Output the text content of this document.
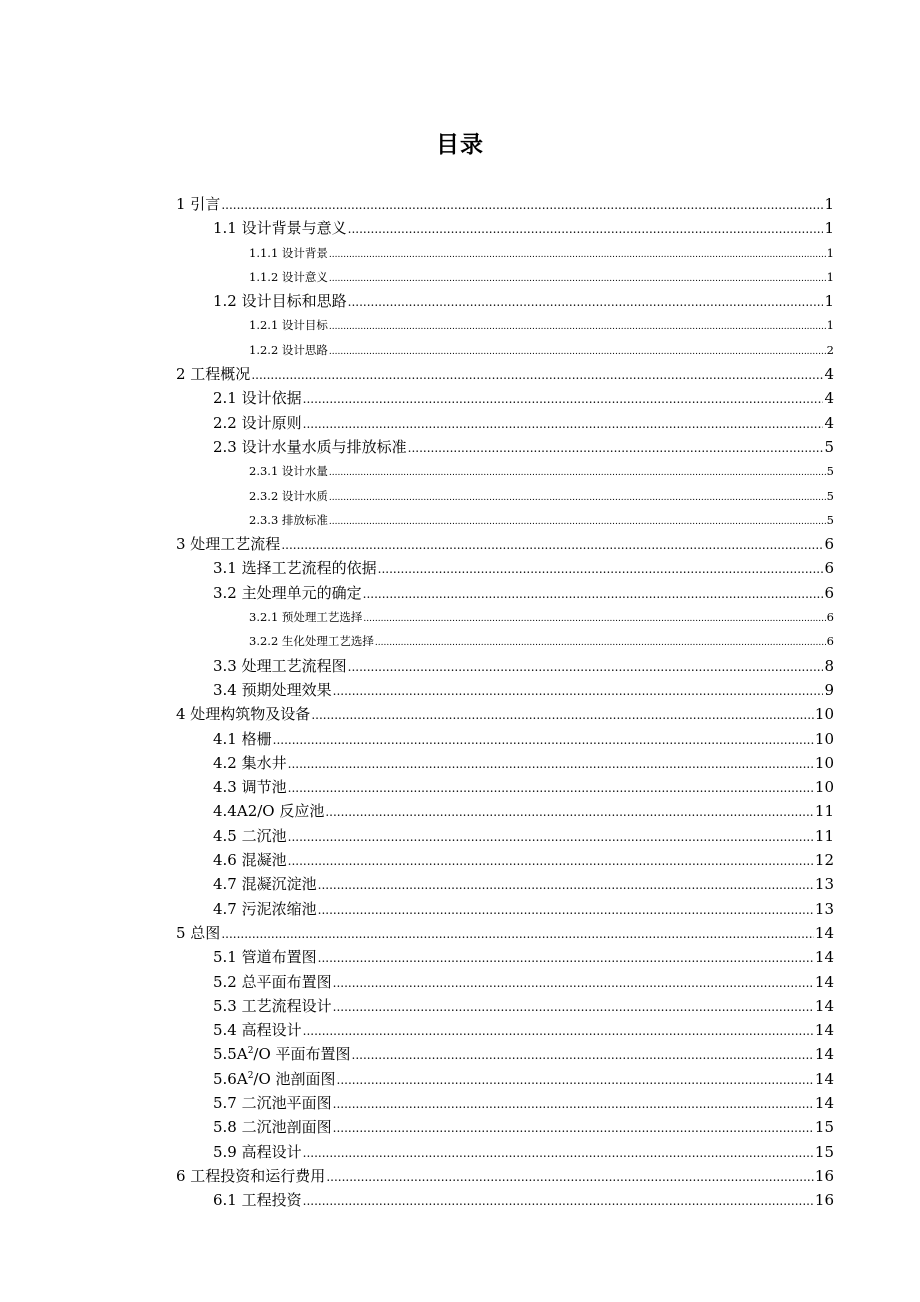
目录
1 引言 .....	1
1.1 设计背景与意义 .....	1
1.1.1 设计背景 .....	1
1.1.2 设计意义 .....	1
1.2 设计目标和思路 .....	1
1.2.1 设计目标 .....	1
1.2.2 设计思路 .....	2
2 工程概况 .....	4
2.1 设计依据 .....	4
2.2 设计原则 .....	4
2.3 设计水量水质与排放标准 .....	5
2.3.1 设计水量 .....	5
2.3.2 设计水质 .....	5
2.3.3 排放标准 .....	5
3 处理工艺流程 .....	6
3.1 选择工艺流程的依据 .....	6
3.2 主处理单元的确定 .....	6
3.2.1 预处理工艺选择 .....	6
3.2.2 生化处理工艺选择 .....	6
3.3 处理工艺流程图 .....	8
3.4 预期处理效果 .....	9
4 处理构筑物及设备 .....	10
4.1 格栅 .....	10
4.2 集水井 .....	10
4.3 调节池 .....	10
4.4A2/O 反应池 .....	11
4.5 二沉池 .....	11
4.6 混凝池 .....	12
4.7 混凝沉淀池 .....	13
4.7 污泥浓缩池 .....	13
5 总图 .....	14
5.1 管道布置图 .....	14
5.2 总平面布置图 .....	14
5.3 工艺流程设计 .....	14
5.4 高程设计 .....	14
$5.5A^2/O$ 平面布置图 .....	14
$5.6A^2/O$ 池剖面图 .....	14
5.7 二沉池平面图 .....	14
5.8 二沉池剖面图 .....	15
5.9 高程设计 .....	15
6 工程投资和运行费用 .....	16
6.1 工程投资 .....	16
